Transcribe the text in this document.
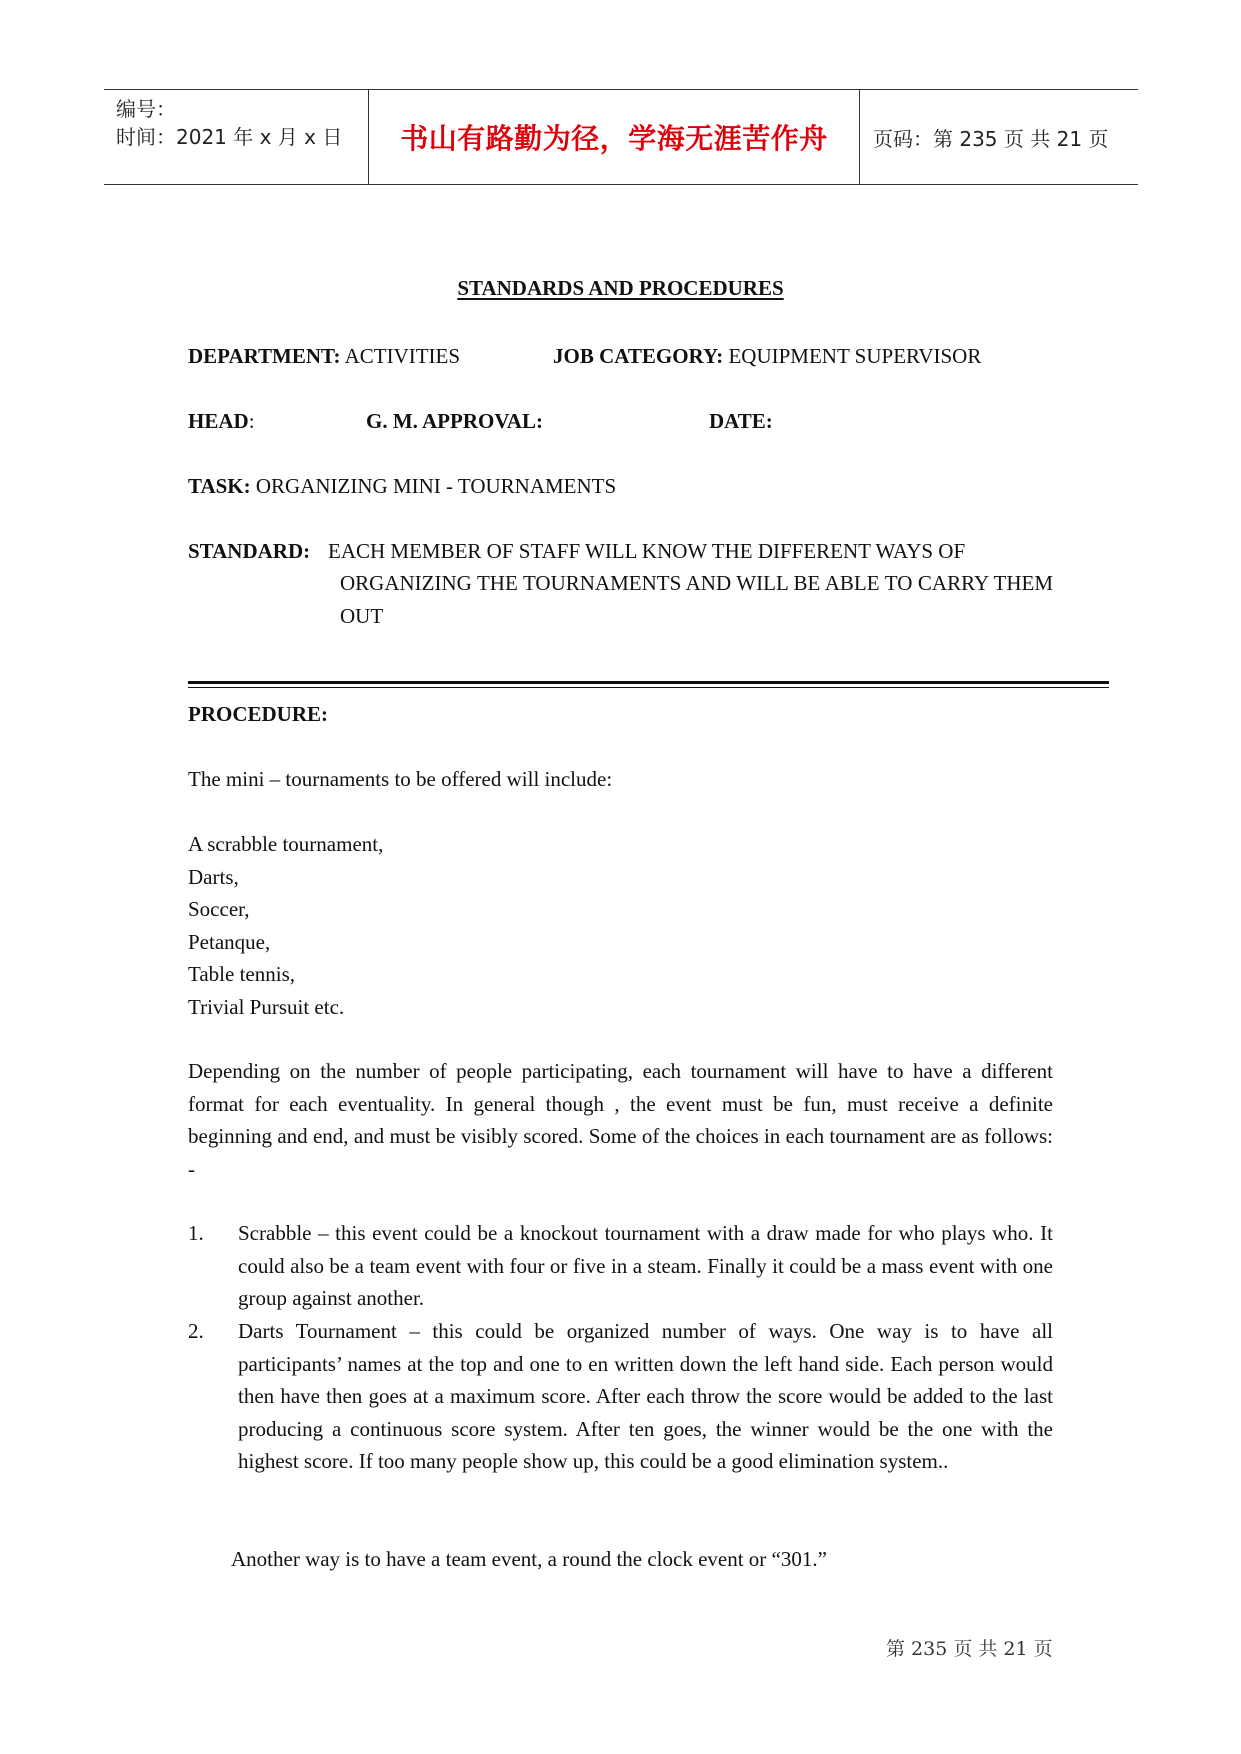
编号：
时间：2021 年 x 月 x 日	书山有路勤为径，学海无涯苦作舟	页码：第 235 页 共 21 页
STANDARDS AND PROCEDURES
DEPARTMENT: ACTIVITIES	JOB CATEGORY: EQUIPMENT SUPERVISOR
HEAD:	G. M. APPROVAL:	DATE:
TASK: ORGANIZING MINI - TOURNAMENTS
STANDARD: EACH MEMBER OF STAFF WILL KNOW THE DIFFERENT WAYS OF
ORGANIZING THE TOURNAMENTS AND WILL BE ABLE TO CARRY THEM OUT
PROCEDURE:
The mini – tournaments to be offered will include:
A scrabble tournament,
Darts,
Soccer,
Petanque,
Table tennis,
Trivial Pursuit etc.
Depending on the number of people participating, each tournament will have to have a different format for each eventuality. In general though , the event must be fun, must receive a definite beginning and end, and must be visibly scored. Some of the choices in each tournament are as follows: -
1. Scrabble – this event could be a knockout tournament with a draw made for who plays who. It could also be a team event with four or five in a steam. Finally it could be a mass event with one group against another.
2. Darts Tournament – this could be organized number of ways. One way is to have all participants’ names at the top and one to en written down the left hand side. Each person would then have then goes at a maximum score. After each throw the score would be added to the last producing a continuous score system. After ten goes, the winner would be the one with the highest score. If too many people show up, this could be a good elimination system..
Another way is to have a team event, a round the clock event or “301.”
第 235 页 共 21 页
